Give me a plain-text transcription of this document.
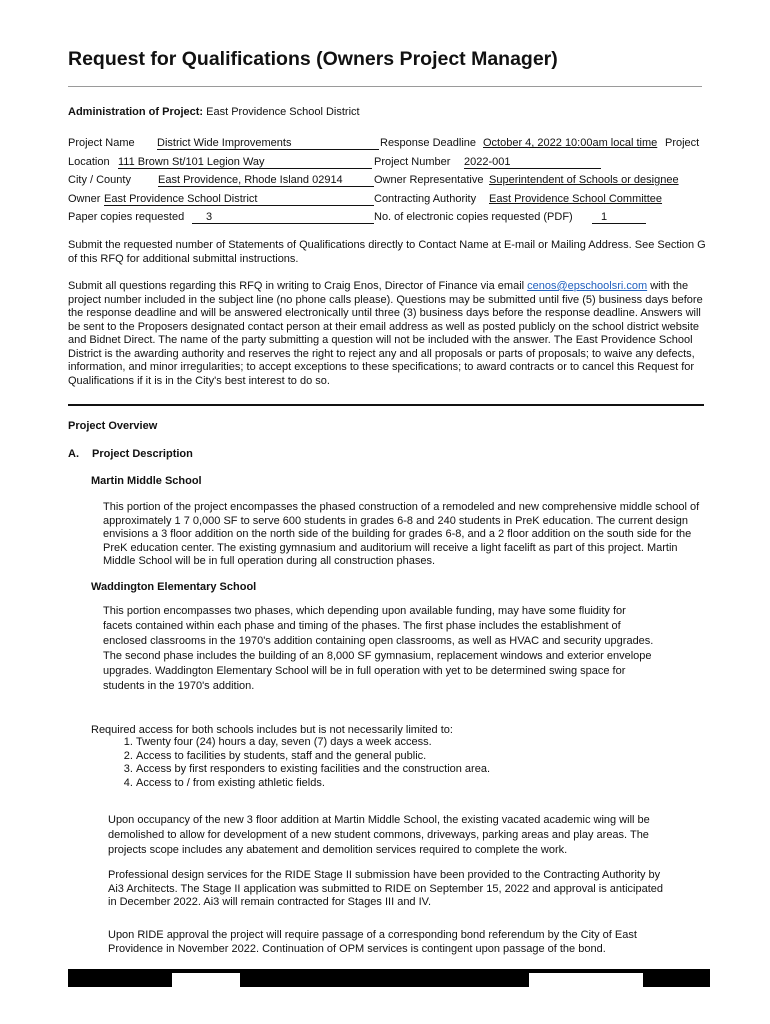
Request for Qualifications (Owners Project Manager)
Administration of Project: East Providence School District
Project Name District Wide Improvements	Response Deadline October 4, 2022 10:00am local time Project
Location 111 Brown St/101 Legion Way	Project Number 2022-001
City / County East Providence, Rhode Island 02914	Owner Representative Superintendent of Schools or designee
Owner East Providence School District	Contracting Authority East Providence School Committee
Paper copies requested	3	No. of electronic copies requested (PDF)	1

Submit the requested number of Statements of Qualifications directly to Contact Name at E-mail or Mailing Address. See Section G of this RFQ for additional submittal instructions.

Submit all questions regarding this RFQ in writing to Craig Enos, Director of Finance via email cenos@epschoolsri.com with the project number included in the subject line (no phone calls please). Questions may be submitted until five (5) business days before the response deadline and will be answered electronically until three (3) business days before the response deadline. Answers will be sent to the Proposers designated contact person at their email address as well as posted publicly on the school district website and Bidnet Direct. The name of the party submitting a question will not be included with the answer. The East Providence School District is the awarding authority and reserves the right to reject any and all proposals or parts of proposals; to waive any defects, information, and minor irregularities; to accept exceptions to these specifications; to award contracts or to cancel this Request for Qualifications if it is in the City's best interest to do so.

Project Overview

A. Project Description

Martin Middle School

This portion of the project encompasses the phased construction of a remodeled and new comprehensive middle school of approximately 1 7 0,000 SF to serve 600 students in grades 6-8 and 240 students in PreK education. The current design envisions a 3 floor addition on the north side of the building for grades 6-8, and a 2 floor addition on the south side for the PreK education center. The existing gymnasium and auditorium will receive a light facelift as part of this project. Martin Middle School will be in full operation during all construction phases.

Waddington Elementary School

This portion encompasses two phases, which depending upon available funding, may have some fluidity for facets contained within each phase and timing of the phases. The first phase includes the establishment of enclosed classrooms in the 1970's addition containing open classrooms, as well as HVAC and security upgrades. The second phase includes the building of an 8,000 SF gymnasium, replacement windows and exterior envelope upgrades. Waddington Elementary School will be in full operation with yet to be determined swing space for students in the 1970's addition.

Required access for both schools includes but is not necessarily limited to:

1. Twenty four (24) hours a day, seven (7) days a week access.
2. Access to facilities by students, staff and the general public.
3. Access by first responders to existing facilities and the construction area.
4. Access to / from existing athletic fields.

Upon occupancy of the new 3 floor addition at Martin Middle School, the existing vacated academic wing will be demolished to allow for development of a new student commons, driveways, parking areas and play areas. The projects scope includes any abatement and demolition services required to complete the work.

Professional design services for the RIDE Stage II submission have been provided to the Contracting Authority by Ai3 Architects. The Stage II application was submitted to RIDE on September 15, 2022 and approval is anticipated in December 2022. Ai3 will remain contracted for Stages III and IV.

Upon RIDE approval the project will require passage of a corresponding bond referendum by the City of East Providence in November 2022. Continuation of OPM services is contingent upon passage of the bond.
